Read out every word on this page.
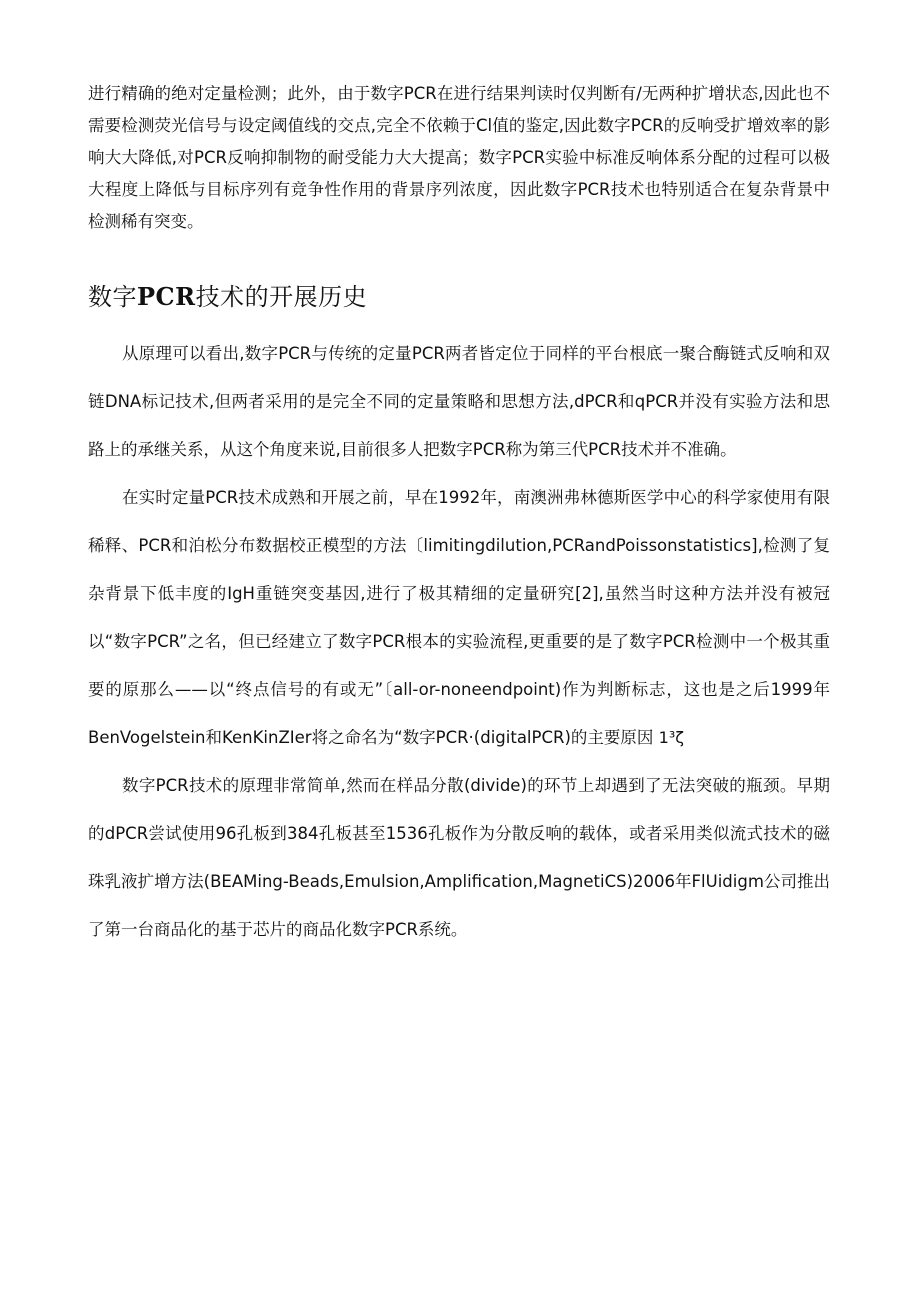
进行精确的绝对定量检测；此外，由于数字PCR在进行结果判读时仅判断有/无两种扩增状态,因此也不需要检测荧光信号与设定阈值线的交点,完全不依赖于Cl值的鉴定,因此数字PCR的反响受扩增效率的影响大大降低,对PCR反响抑制物的耐受能力大大提高；数字PCR实验中标准反响体系分配的过程可以极大程度上降低与目标序列有竞争性作用的背景序列浓度，因此数字PCR技术也特别适合在复杂背景中检测稀有突变。

数字PCR技术的开展历史

从原理可以看出,数字PCR与传统的定量PCR两者皆定位于同样的平台根底一聚合酶链式反响和双链DNA标记技术,但两者采用的是完全不同的定量策略和思想方法,dPCR和qPCR并没有实验方法和思路上的承继关系，从这个角度来说,目前很多人把数字PCR称为第三代PCR技术并不准确。

在实时定量PCR技术成熟和开展之前，早在1992年，南澳洲弗林德斯医学中心的科学家使用有限稀释、PCR和泊松分布数据校正模型的方法〔limitingdilution,PCRandPoissonstatistics],检测了复杂背景下低丰度的IgH重链突变基因,进行了极其精细的定量研究[2],虽然当时这种方法并没有被冠以“数字PCR”之名，但已经建立了数字PCR根本的实验流程,更重要的是了数字PCR检测中一个极其重要的原那么——以“终点信号的有或无”〔all-or-noneendpoint)作为判断标志，这也是之后1999年BenVogelstein和KenKinZIer将之命名为“数字PCR·(digitalPCR)的主要原因 1³ζ

数字PCR技术的原理非常简单,然而在样品分散(divide)的环节上却遇到了无法突破的瓶颈。早期的dPCR尝试使用96孔板到384孔板甚至1536孔板作为分散反响的载体，或者采用类似流式技术的磁珠乳液扩增方法(BEAMing-Beads,Emulsion,Amplification,MagnetiCS)2006年FlUidigm公司推出了第一台商品化的基于芯片的商品化数字PCR系统。
